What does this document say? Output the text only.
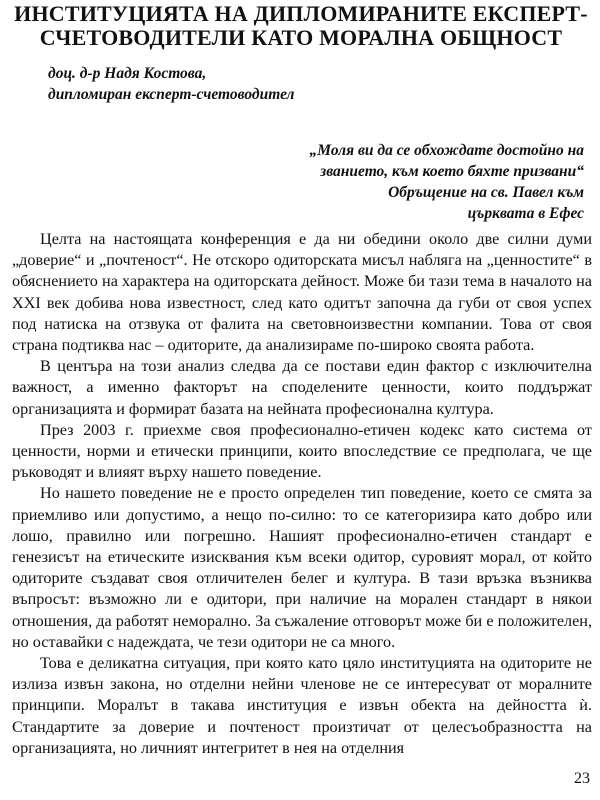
ИНСТИТУЦИЯТА НА ДИПЛОМИРАНИТЕ ЕКСПЕРТ-
СЧЕТОВОДИТЕЛИ КАТО МОРАЛНА ОБЩНОСТ
доц. д-р Надя Костова,
дипломиран експерт-счетоводител
„Моля ви да се обхождате достойно на
званието, към което бяхте призвани“
Обръщение на св. Павел към
църквата в Ефес

Целта на настоящата конференция е да ни обедини около две силни думи „доверие“ и „почтеност“. Не отскоро одиторската мисъл набляга на „ценностите“ в обяснението на характера на одиторската дейност. Може би тази тема в началото на XXI век добива нова известност, след като одитът започна да губи от своя успех под натиска на отзвука от фалита на световноизвестни компании. Това от своя страна подтиква нас – одиторите, да анализираме по-широко своята работа.

В центъра на този анализ следва да се постави един фактор с изключителна важност, а именно факторът на споделените ценности, които поддържат организацията и формират базата на нейната професионална култура.

През 2003 г. приехме своя професионално-етичен кодекс като система от ценности, норми и етически принципи, които впоследствие се предполага, че ще ръководят и влияят върху нашето поведение.

Но нашето поведение не е просто определен тип поведение, което се смята за приемливо или допустимо, а нещо по-силно: то се категоризира като добро или лошо, правилно или погрешно. Нашият професионално-етичен стандарт е генезисът на етическите изисквания към всеки одитор, суровият морал, от който одиторите създават своя отличителен белег и култура. В тази връзка възниква въпросът: възможно ли е одитори, при наличие на морален стандарт в някои отношения, да работят неморално. За съжаление отговорът може би е положителен, но оставайки с надеждата, че тези одитори не са много.

Това е деликатна ситуация, при която като цяло институцията на одиторите не излиза извън закона, но отделни нейни членове не се интересуват от моралните принципи. Моралът в такава институция е извън обекта на дейността ѝ. Стандартите за доверие и почтеност произтичат от целесъобразността на организацията, но личният интегритет в нея на отделния

23
